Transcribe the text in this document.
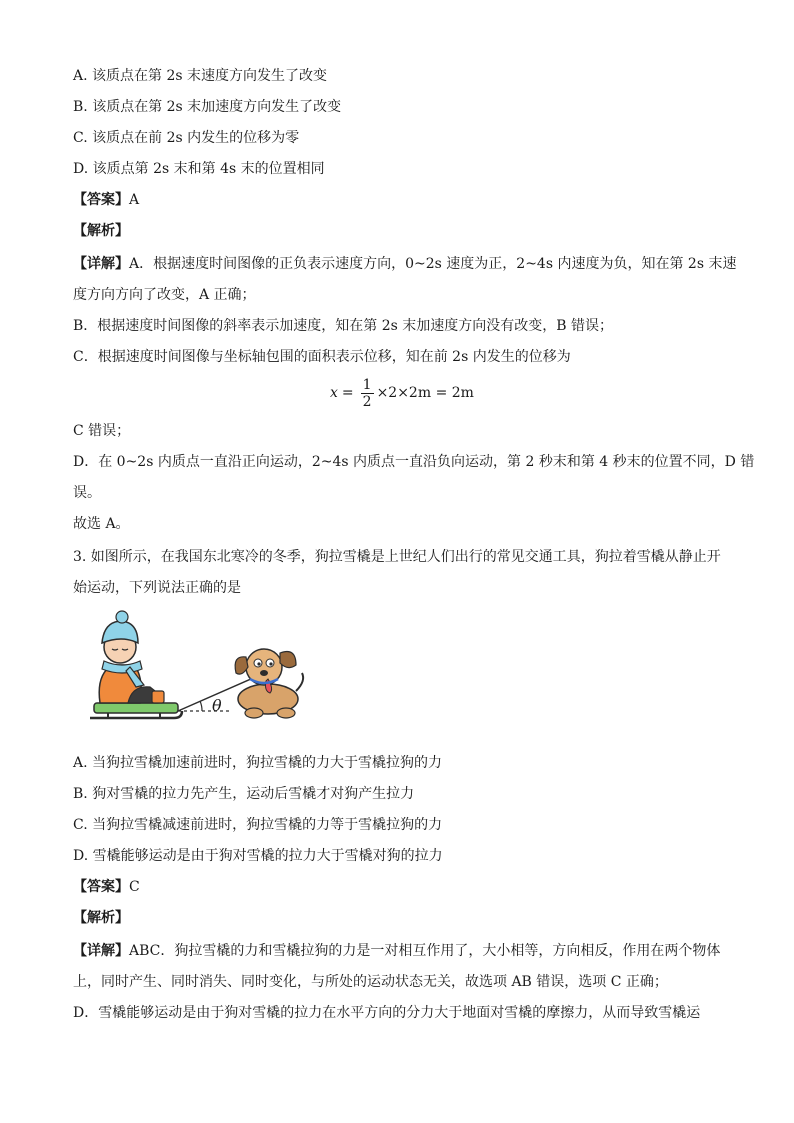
A. 该质点在第 2s 末速度方向发生了改变
B. 该质点在第 2s 末加速度方向发生了改变
C. 该质点在前 2s 内发生的位移为零
D. 该质点第 2s 末和第 4s 末的位置相同
【答案】A
【解析】
【详解】A．根据速度时间图像的正负表示速度方向，0~2s 速度为正，2~4s 内速度为负，知在第 2s 末速
度方向方向了改变，A 正确；
B．根据速度时间图像的斜率表示加速度，知在第 2s 末加速度方向没有改变，B 错误；
C．根据速度时间图像与坐标轴包围的面积表示位移，知在前 2s 内发生的位移为
$x = \frac{1}{2} \times 2\times 2m = 2m$
C 错误；
D．在 0~2s 内质点一直沿正向运动，2~4s 内质点一直沿负向运动，第 2 秒末和第 4 秒末的位置不同，D 错
误。
故选 A。
3. 如图所示，在我国东北寒冷的冬季，狗拉雪橇是上世纪人们出行的常见交通工具，狗拉着雪橇从静止开
始运动，下列说法正确的是
θ
A. 当狗拉雪橇加速前进时，狗拉雪橇的力大于雪橇拉狗的力
B. 狗对雪橇的拉力先产生，运动后雪橇才对狗产生拉力
C. 当狗拉雪橇减速前进时，狗拉雪橇的力等于雪橇拉狗的力
D. 雪橇能够运动是由于狗对雪橇的拉力大于雪橇对狗的拉力
【答案】C
【解析】
【详解】ABC．狗拉雪橇的力和雪橇拉狗的力是一对相互作用了，大小相等，方向相反，作用在两个物体
上，同时产生、同时消失、同时变化，与所处的运动状态无关，故选项 AB 错误，选项 C 正确；
D．雪橇能够运动是由于狗对雪橇的拉力在水平方向的分力大于地面对雪橇的摩擦力，从而导致雪橇运
